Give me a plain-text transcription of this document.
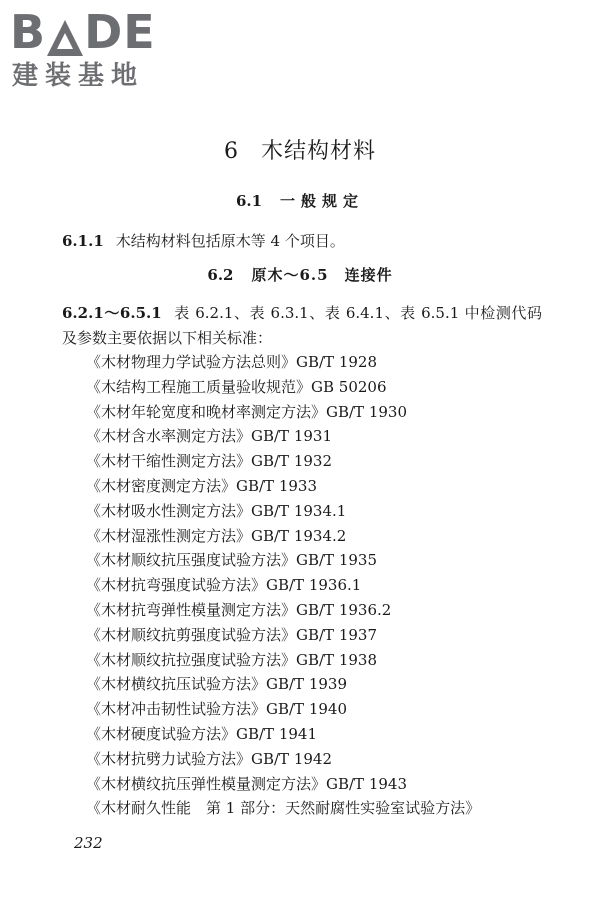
B DE
建装基地
6 木结构材料
6.1 一般规定
6.1.1 木结构材料包括原木等 4 个项目。
6.2 原木～6.5　连接件
6.2.1～6.5.1 表 6.2.1、表 6.3.1、表 6.4.1、表 6.5.1 中检测代码及参数主要依据以下相关标准：
《木材物理力学试验方法总则》GB/T 1928
《木结构工程施工质量验收规范》GB 50206
《木材年轮宽度和晚材率测定方法》GB/T 1930
《木材含水率测定方法》GB/T 1931
《木材干缩性测定方法》GB/T 1932
《木材密度测定方法》GB/T 1933
《木材吸水性测定方法》GB/T 1934.1
《木材湿涨性测定方法》GB/T 1934.2
《木材顺纹抗压强度试验方法》GB/T 1935
《木材抗弯强度试验方法》GB/T 1936.1
《木材抗弯弹性模量测定方法》GB/T 1936.2
《木材顺纹抗剪强度试验方法》GB/T 1937
《木材顺纹抗拉强度试验方法》GB/T 1938
《木材横纹抗压试验方法》GB/T 1939
《木材冲击韧性试验方法》GB/T 1940
《木材硬度试验方法》GB/T 1941
《木材抗劈力试验方法》GB/T 1942
《木材横纹抗压弹性模量测定方法》GB/T 1943
《木材耐久性能　第 1 部分：天然耐腐性实验室试验方法》
232
